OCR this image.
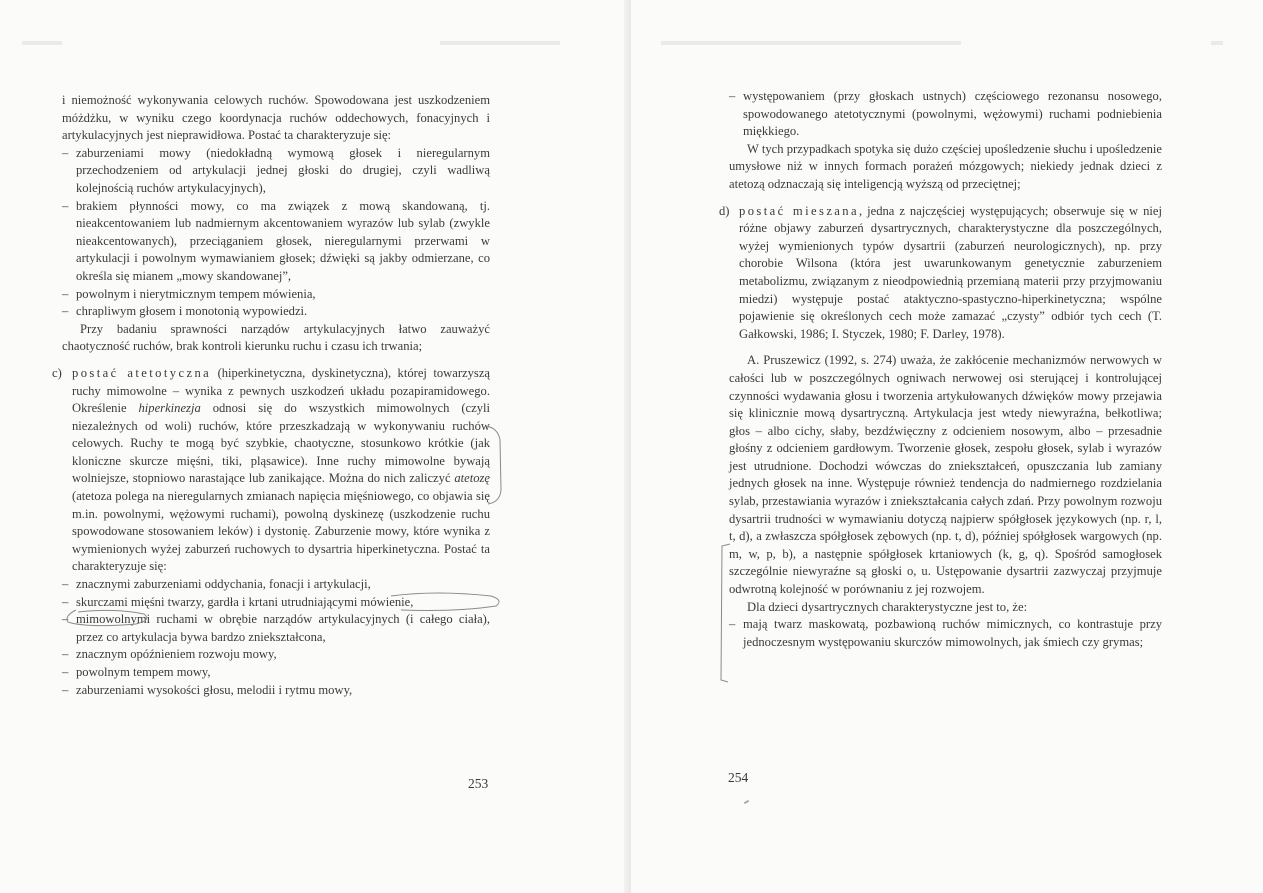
i niemożność wykonywania celowych ruchów. Spowodowana jest uszkodzeniem móżdżku, w wyniku czego koordynacja ruchów oddechowych, fonacyjnych i artykulacyjnych jest nieprawidłowa. Postać ta charakteryzuje się:

– zaburzeniami mowy (niedokładną wymową głosek i nieregularnym przechodzeniem od artykulacji jednej głoski do drugiej, czyli wadliwą kolejnością ruchów artykulacyjnych),
– brakiem płynności mowy, co ma związek z mową skandowaną, tj. nieakcentowaniem lub nadmiernym akcentowaniem wyrazów lub sylab (zwykle nieakcentowanych), przeciąganiem głosek, nieregularnymi przerwami w artykulacji i powolnym wymawianiem głosek; dźwięki są jakby odmierzane, co określa się mianem „mowy skandowanej”,
– powolnym i nierytmicznym tempem mówienia,
– chrapliwym głosem i monotonią wypowiedzi.

Przy badaniu sprawności narządów artykulacyjnych łatwo zauważyć chaotyczność ruchów, brak kontroli kierunku ruchu i czasu ich trwania;

c) postać atetotyczna (hiperkinetyczna, dyskinetyczna), której towarzyszą ruchy mimowolne – wynika z pewnych uszkodzeń układu pozapiramidowego. Określenie hiperkinezja odnosi się do wszystkich mimowolnych (czyli niezależnych od woli) ruchów, które przeszkadzają w wykonywaniu ruchów celowych. Ruchy te mogą być szybkie, chaotyczne, stosunkowo krótkie (jak kloniczne skurcze mięśni, tiki, pląsawice). Inne ruchy mimowolne bywają wolniejsze, stopniowo narastające lub zanikające. Można do nich zaliczyć atetozę (atetoza polega na nieregularnych zmianach napięcia mięśniowego, co objawia się m.in. powolnymi, wężowymi ruchami), powolną dyskinezę (uszkodzenie ruchu spowodowane stosowaniem leków) i dystonię. Zaburzenie mowy, które wynika z wymienionych wyżej zaburzeń ruchowych to dysartria hiperkinetyczna. Postać ta charakteryzuje się:

– znacznymi zaburzeniami oddychania, fonacji i artykulacji,
– skurczami mięśni twarzy, gardła i krtani utrudniającymi mówienie,
– mimowolnymi ruchami w obrębie narządów artykulacyjnych (i całego ciała), przez co artykulacja bywa bardzo zniekształcona,
– znacznym opóźnieniem rozwoju mowy,
– powolnym tempem mowy,
– zaburzeniami wysokości głosu, melodii i rytmu mowy,
253
– występowaniem (przy głoskach ustnych) częściowego rezonansu nosowego, spowodowanego atetotycznymi (powolnymi, wężowymi) ruchami podniebienia miękkiego.

W tych przypadkach spotyka się dużo częściej upośledzenie słuchu i upośledzenie umysłowe niż w innych formach porażeń mózgowych; niekiedy jednak dzieci z atetozą odznaczają się inteligencją wyższą od przeciętnej;

d) postać mieszana, jedna z najczęściej występujących; obserwuje się w niej różne objawy zaburzeń dysartrycznych, charakterystyczne dla poszczególnych, wyżej wymienionych typów dysartrii (zaburzeń neurologicznych), np. przy chorobie Wilsona (która jest uwarunkowanym genetycznie zaburzeniem metabolizmu, związanym z nieodpowiednią przemianą materii przy przyjmowaniu miedzi) występuje postać ataktyczno-spastyczno-hiperkinetyczna; wspólne pojawienie się określonych cech może zamazać „czysty” odbiór tych cech (T. Gałkowski, 1986; I. Styczek, 1980; F. Darley, 1978).

A. Pruszewicz (1992, s. 274) uważa, że zakłócenie mechanizmów nerwowych w całości lub w poszczególnych ogniwach nerwowej osi sterującej i kontrolującej czynności wydawania głosu i tworzenia artykułowanych dźwięków mowy przejawia się klinicznie mową dysartryczną. Artykulacja jest wtedy niewyraźna, bełkotliwa; głos – albo cichy, słaby, bezdźwięczny z odcieniem nosowym, albo – przesadnie głośny z odcieniem gardłowym. Tworzenie głosek, zespołu głosek, sylab i wyrazów jest utrudnione. Dochodzi wówczas do zniekształceń, opuszczania lub zamiany jednych głosek na inne. Występuje również tendencja do nadmiernego rozdzielania sylab, przestawiania wyrazów i zniekształcania całych zdań. Przy powolnym rozwoju dysartrii trudności w wymawianiu dotyczą najpierw spółgłosek językowych (np. r, l, t, d), a zwłaszcza spółgłosek zębowych (np. t, d), później spółgłosek wargowych (np. m, w, p, b), a następnie spółgłosek krtaniowych (k, g, q). Spośród samogłosek szczególnie niewyraźne są głoski o, u. Ustępowanie dysartrii zazwyczaj przyjmuje odwrotną kolejność w porównaniu z jej rozwojem.

Dla dzieci dysartrycznych charakterystyczne jest to, że:

– mają twarz maskowatą, pozbawioną ruchów mimicznych, co kontrastuje przy jednoczesnym występowaniu skurczów mimowolnych, jak śmiech czy grymas;
254
